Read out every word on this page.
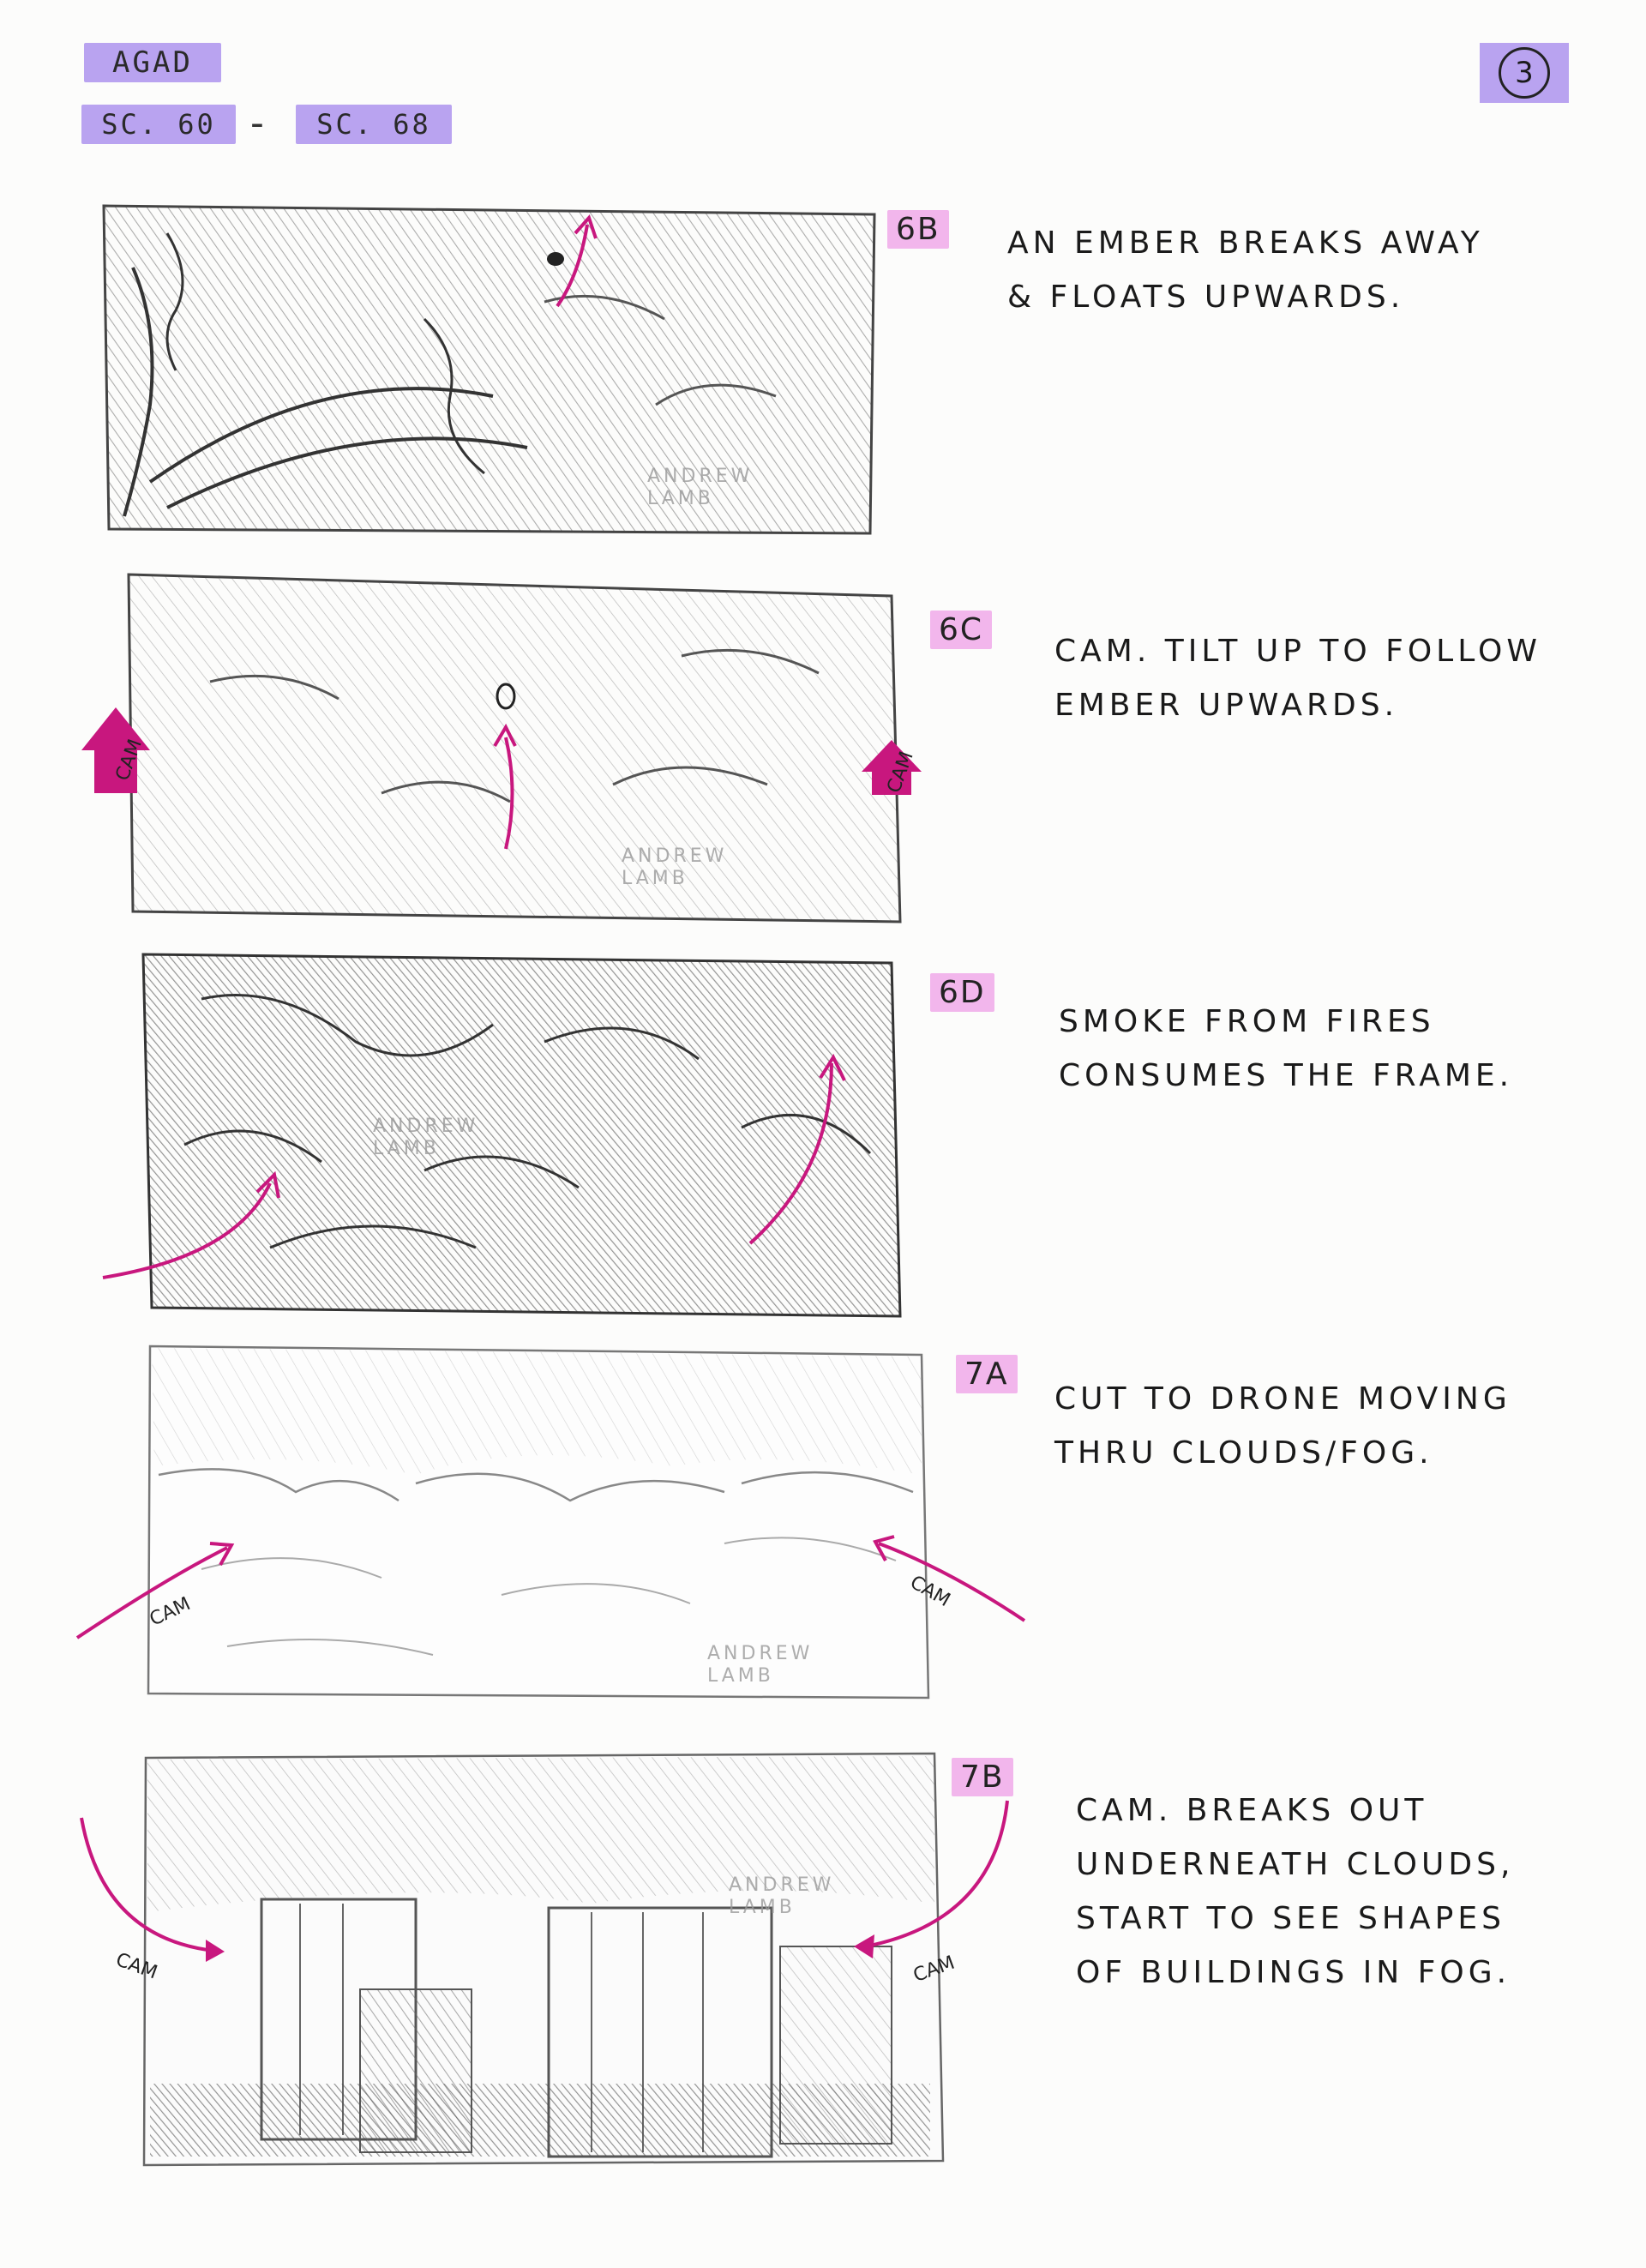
AGAD
SC. 60 -	SC. 68
3
ANDREW
LAMB
6B AN EMBER BREAKS AWAY
& FLOATS UPWARDS.
CAM	CAM
ANDREW
LAMB
6C
CAM. TILT UP TO FOLLOW
EMBER UPWARDS.
ANDREW
LAMB
6D
SMOKE FROM FIRES
CONSUMES THE FRAME.
CAM
CAM
ANDREW
LAMB
7A
CUT TO DRONE MOVING
THRU CLOUDS/FOG.
CAM	CAM
ANDREW
LAMB
7B
CAM. BREAKS OUT
UNDERNEATH CLOUDS,
START TO SEE SHAPES
OF BUILDINGS IN FOG.
